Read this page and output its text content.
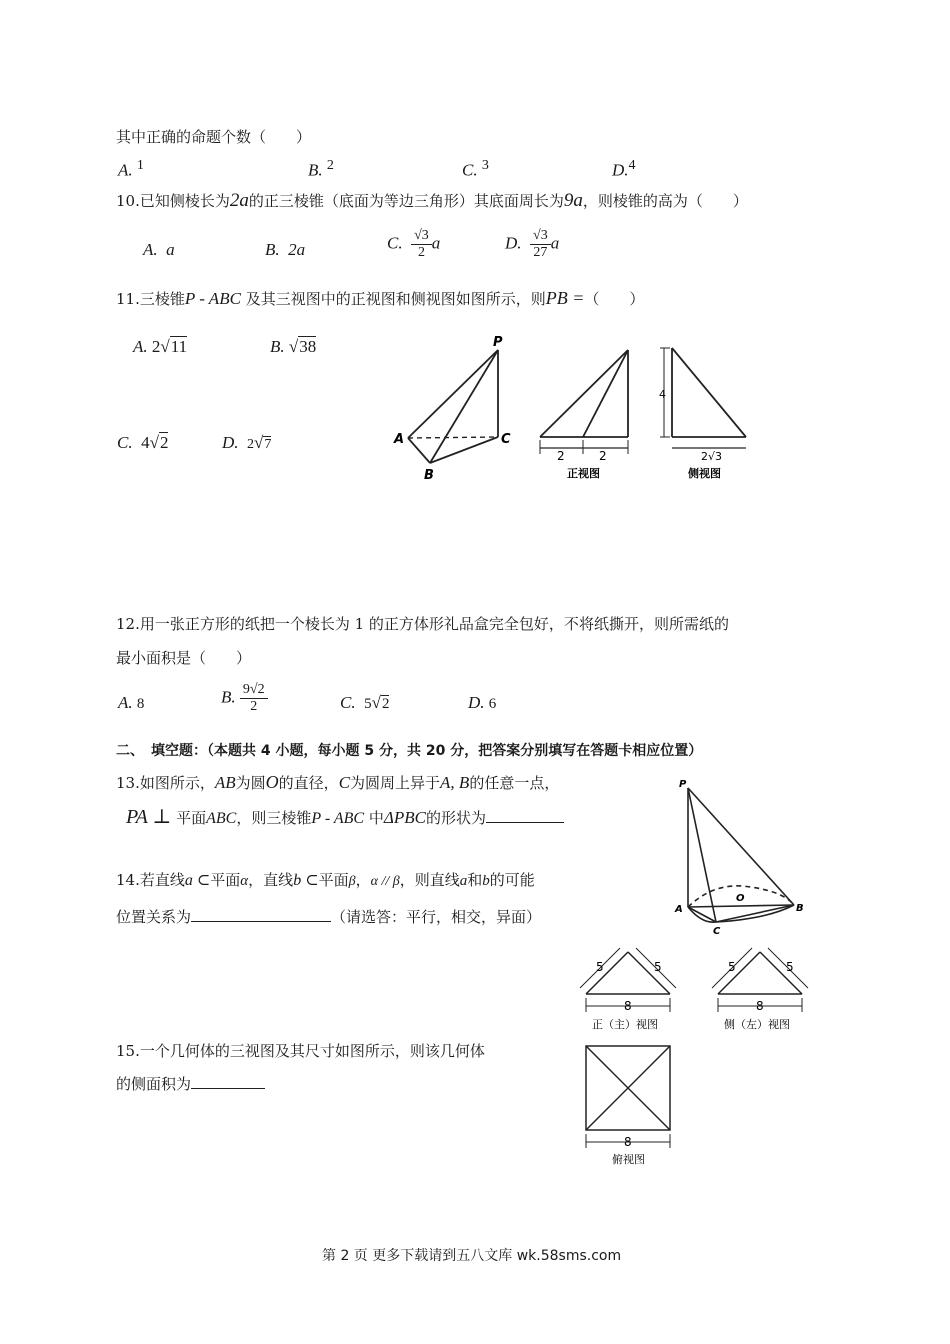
其中正确的命题个数（　　）
A. $^1$	B. $^2$	C. $^3$	D.$^4$
10.已知侧棱长为2a的正三棱锥（底面为等边三角形）其底面周长为9a，则棱锥的高为（　　）
A. a	B. 2a	C. $\frac{√3}{2}$ a	D. $\frac{√3}{27}$ a
11.三棱锥P - ABC 及其三视图中的正视图和侧视图如图所示，则PB =（　　）
A. 2√11	B. √38
C. 4√2	D. 2√7
P
A
B
C
2	2
正视图
4
2√3
侧视图
12.用一张正方形的纸把一个棱长为 1 的正方体形礼品盒完全包好，不将纸撕开，则所需纸的
最小面积是（　　）
A. 8	B. $\frac{9√2}{2}$	C. 5√2	D. 6
二、　填空题：（本题共 4 小题，每小题 5 分，共 20 分，把答案分别填写在答题卡相应位置）
13.如图所示，AB为圆O的直径，C为圆周上异于A, B的任意一点，
PA ⊥ 平面ABC，则三棱锥P - ABC 中ΔPBC的形状为
P
A	B
C
O
14.若直线a ⊂平面α，直线b ⊂平面β，α // β，则直线a和b的可能
位置关系为	（请选答：平行，相交，异面）
15.一个几何体的三视图及其尺寸如图所示，则该几何体
的侧面积为
5	5
8
正（主）视图
5	5
8
侧（左）视图
8
俯视图
第 2 页 更多下载请到五八文库 wk.58sms.com
